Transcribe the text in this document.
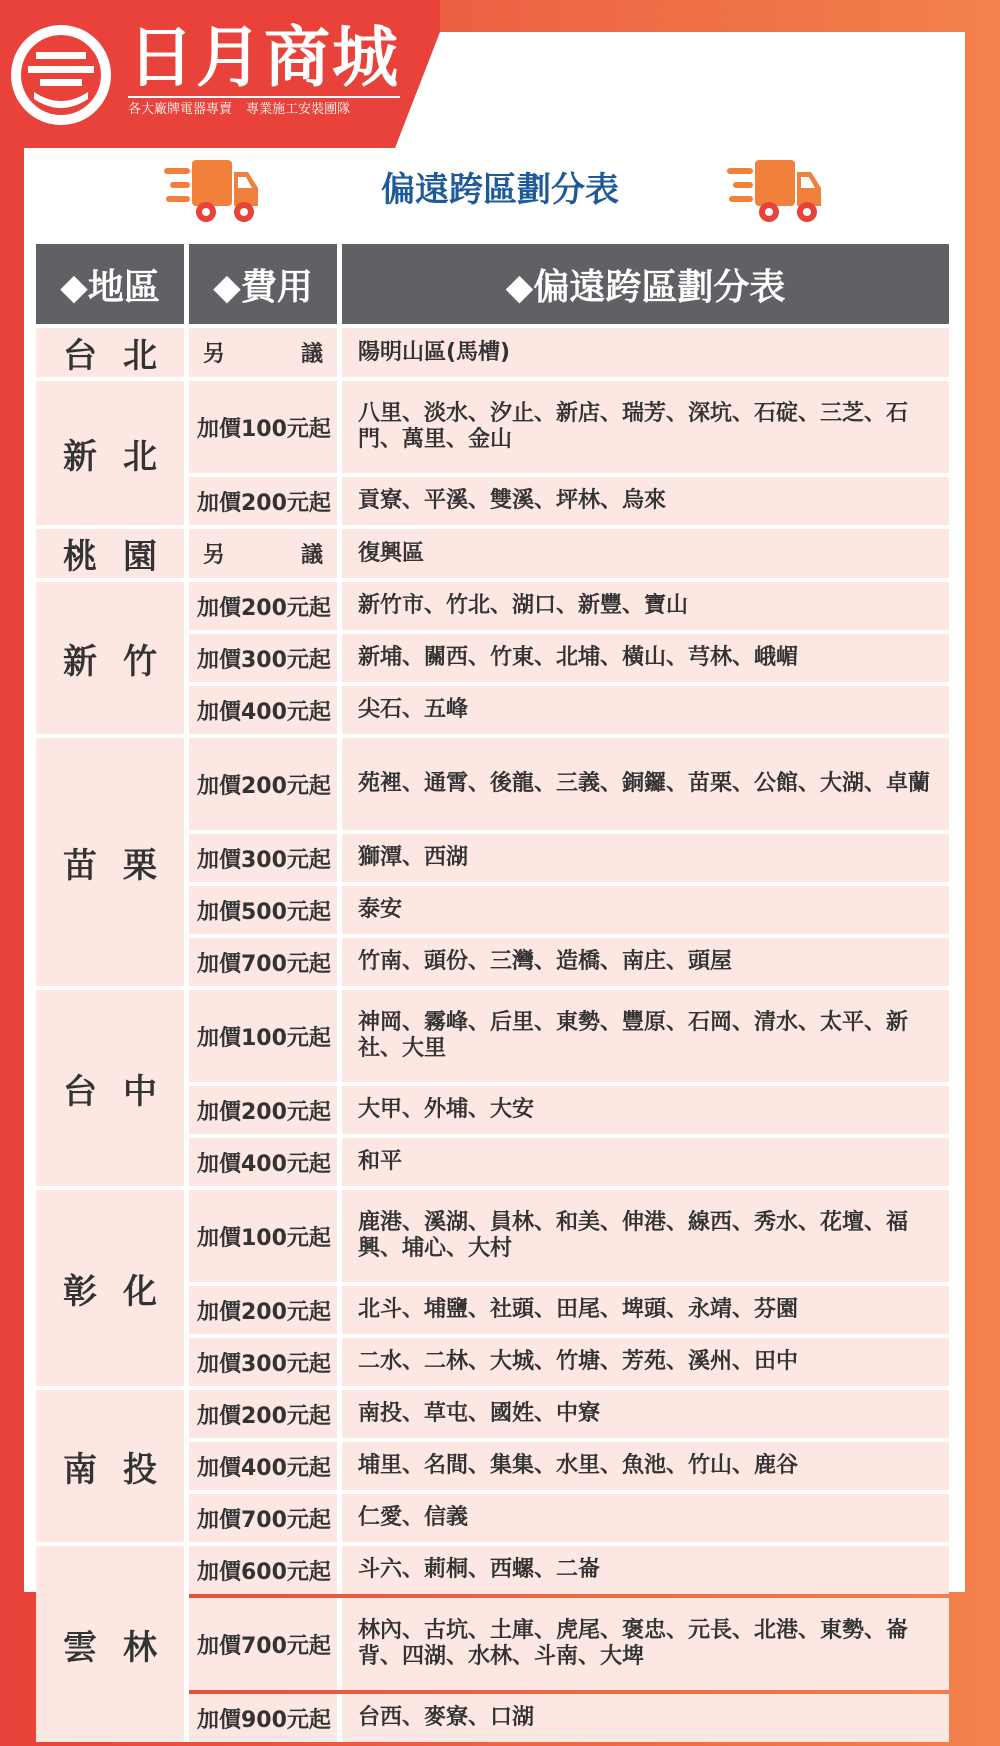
日月商城
各大廠牌電器專賣 專業施工安裝團隊
偏遠跨區劃分表
◆地區	◆費用	◆偏遠跨區劃分表
台北	另議	陽明山區(馬槽)
新北	加價100元起	八里、淡水、汐止、新店、瑞芳、深坑、石碇、三芝、石門、萬里、金山
	加價200元起	貢寮、平溪、雙溪、坪林、烏來
桃園	另議	復興區
新竹	加價200元起	新竹市、竹北、湖口、新豐、寶山
	加價300元起	新埔、關西、竹東、北埔、橫山、芎林、峨嵋
	加價400元起	尖石、五峰
苗栗	加價200元起	苑裡、通霄、後龍、三義、銅鑼、苗栗、公館、大湖、卓蘭
	加價300元起	獅潭、西湖
	加價500元起	泰安
	加價700元起	竹南、頭份、三灣、造橋、南庄、頭屋
台中	加價100元起	神岡、霧峰、后里、東勢、豐原、石岡、清水、太平、新社、大里
	加價200元起	大甲、外埔、大安
	加價400元起	和平
彰化	加價100元起	鹿港、溪湖、員林、和美、伸港、線西、秀水、花壇、福興、埔心、大村
	加價200元起	北斗、埔鹽、社頭、田尾、埤頭、永靖、芬園
	加價300元起	二水、二林、大城、竹塘、芳苑、溪州、田中
南投	加價200元起	南投、草屯、國姓、中寮
	加價400元起	埔里、名間、集集、水里、魚池、竹山、鹿谷
	加價700元起	仁愛、信義
雲林	加價600元起	斗六、莿桐、西螺、二崙
	加價700元起	林內、古坑、土庫、虎尾、褒忠、元長、北港、東勢、崙背、四湖、水林、斗南、大埤
	加價900元起	台西、麥寮、口湖
